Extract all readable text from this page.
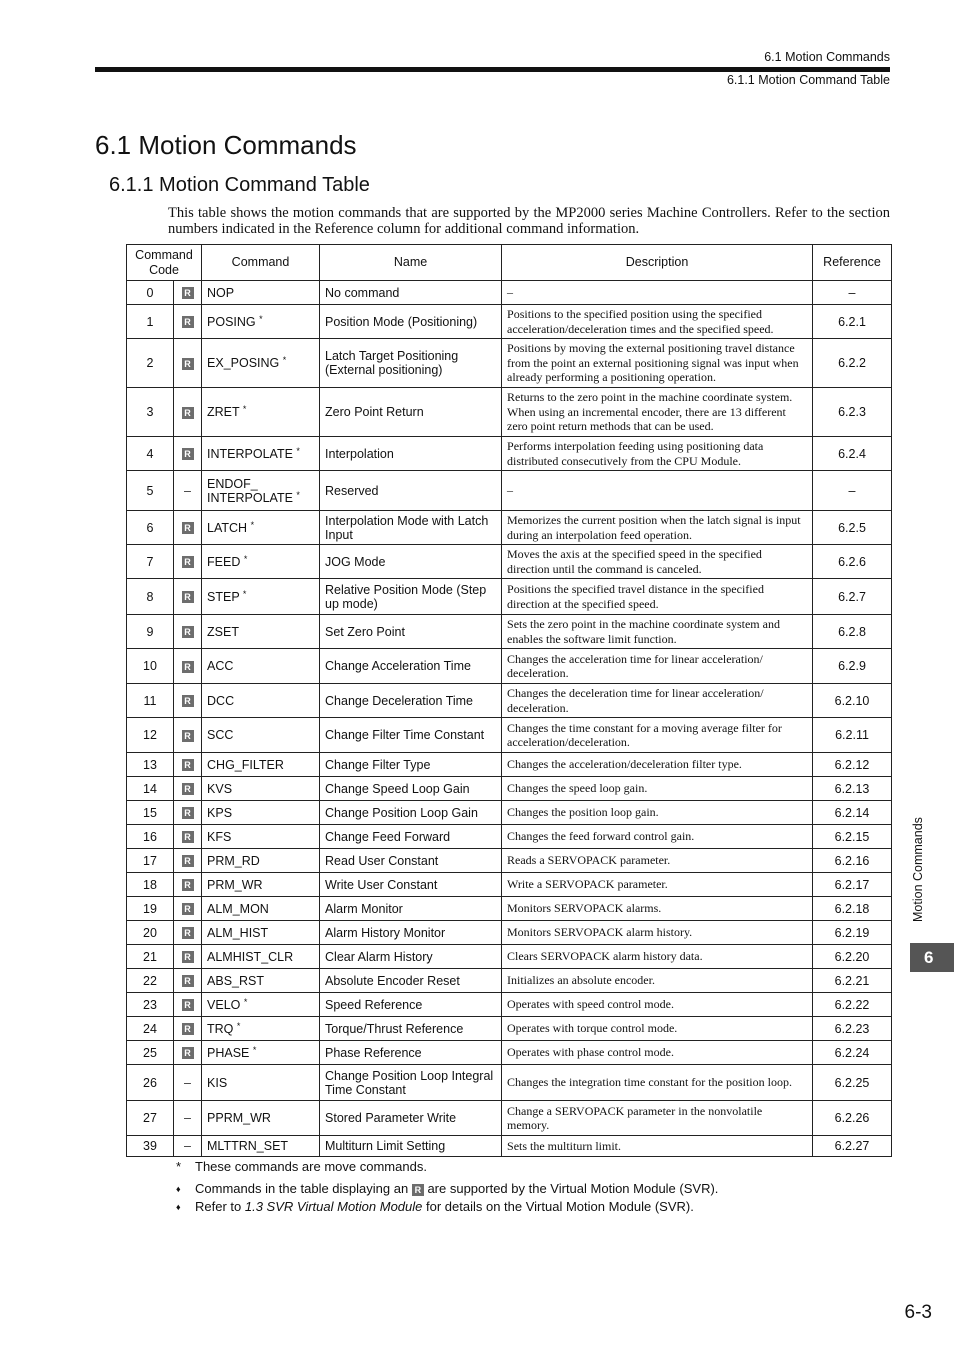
6.1 Motion Commands
6.1.1 Motion Command Table
6.1 Motion Commands
6.1.1 Motion Command Table

This table shows the motion commands that are supported by the MP2000 series Machine Controllers. Refer to the section numbers indicated in the Reference column for additional command information.

Command Code		Command	Name	Description	Reference
0	R	NOP	No command	–	–
1	R	POSING *	Position Mode (Positioning)	Positions to the specified position using the specified acceleration/deceleration times and the specified speed.	6.2.1
2	R	EX_POSING *	Latch Target Positioning (External positioning)	Positions by moving the external positioning travel distance from the point an external positioning signal was input when already performing a positioning operation.	6.2.2
3	R	ZRET *	Zero Point Return	Returns to the zero point in the machine coordinate system. When using an incremental encoder, there are 13 different zero point return methods that can be used.	6.2.3
4	R	INTERPOLATE *	Interpolation	Performs interpolation feeding using positioning data distributed consecutively from the CPU Module.	6.2.4
5	–	ENDOF_ INTERPOLATE *	Reserved	–	–
6	R	LATCH *	Interpolation Mode with Latch Input	Memorizes the current position when the latch signal is input during an interpolation feed operation.	6.2.5
7	R	FEED *	JOG Mode	Moves the axis at the specified speed in the specified direction until the command is canceled.	6.2.6
8	R	STEP *	Relative Position Mode (Step up mode)	Positions the specified travel distance in the specified direction at the specified speed.	6.2.7
9	R	ZSET	Set Zero Point	Sets the zero point in the machine coordinate system and enables the software limit function.	6.2.8
10	R	ACC	Change Acceleration Time	Changes the acceleration time for linear acceleration/ deceleration.	6.2.9
11	R	DCC	Change Deceleration Time	Changes the deceleration time for linear acceleration/ deceleration.	6.2.10
12	R	SCC	Change Filter Time Constant	Changes the time constant for a moving average filter for acceleration/deceleration.	6.2.11
13	R	CHG_FILTER	Change Filter Type	Changes the acceleration/deceleration filter type.	6.2.12
14	R	KVS	Change Speed Loop Gain	Changes the speed loop gain.	6.2.13
15	R	KPS	Change Position Loop Gain	Changes the position loop gain.	6.2.14
16	R	KFS	Change Feed Forward	Changes the feed forward control gain.	6.2.15
17	R	PRM_RD	Read User Constant	Reads a SERVOPACK parameter.	6.2.16
18	R	PRM_WR	Write User Constant	Write a SERVOPACK parameter.	6.2.17
19	R	ALM_MON	Alarm Monitor	Monitors SERVOPACK alarms.	6.2.18
20	R	ALM_HIST	Alarm History Monitor	Monitors SERVOPACK alarm history.	6.2.19
21	R	ALMHIST_CLR	Clear Alarm History	Clears SERVOPACK alarm history data.	6.2.20
22	R	ABS_RST	Absolute Encoder Reset	Initializes an absolute encoder.	6.2.21
23	R	VELO *	Speed Reference	Operates with speed control mode.	6.2.22
24	R	TRQ *	Torque/Thrust Reference	Operates with torque control mode.	6.2.23
25	R	PHASE *	Phase Reference	Operates with phase control mode.	6.2.24
26	–	KIS	Change Position Loop Integral Time Constant	Changes the integration time constant for the position loop.	6.2.25
27	–	PPRM_WR	Stored Parameter Write	Change a SERVOPACK parameter in the nonvolatile memory.	6.2.26
39	–	MLTTRN_SET	Multiturn Limit Setting	Sets the multiturn limit.	6.2.27
*	These commands are move commands.
♦	Commands in the table displaying an R are supported by the Virtual Motion Module (SVR).
♦	Refer to 1.3 SVR Virtual Motion Module for details on the Virtual Motion Module (SVR).
Motion Commands
6
6-3
